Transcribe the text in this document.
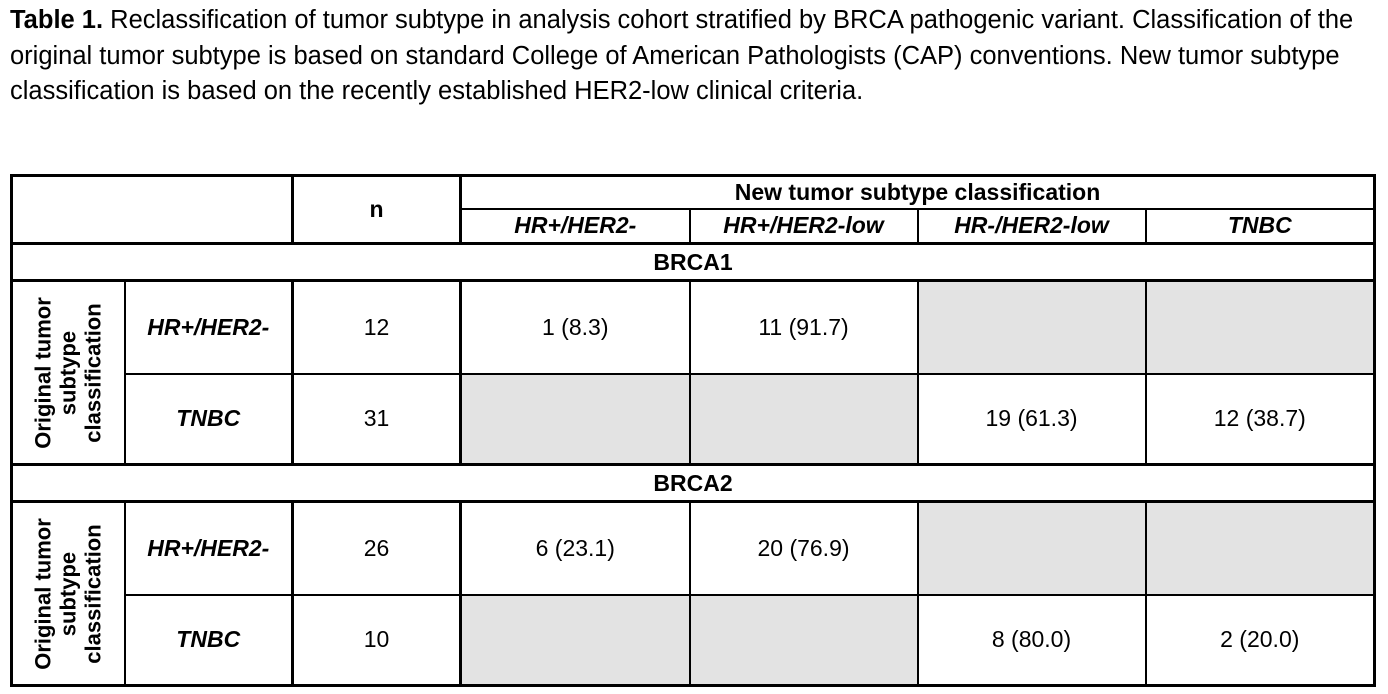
Table 1. Reclassification of tumor subtype in analysis cohort stratified by BRCA pathogenic variant. Classification of the original tumor subtype is based on standard College of American Pathologists (CAP) conventions. New tumor subtype classification is based on the recently established HER2-low clinical criteria.

		n	New tumor subtype classification			
			HR+/HER2-	HR+/HER2-low	HR-/HER2-low	TNBC
BRCA1						

Original tumor subtype classification	HR+/HER2-	12	1 (8.3)	11 (91.7)		
	TNBC	31			19 (61.3)	12 (38.7)
BRCA2						

Original tumor subtype classification	HR+/HER2-	26	6 (23.1)	20 (76.9)		
	TNBC	10			8 (80.0)	2 (20.0)
